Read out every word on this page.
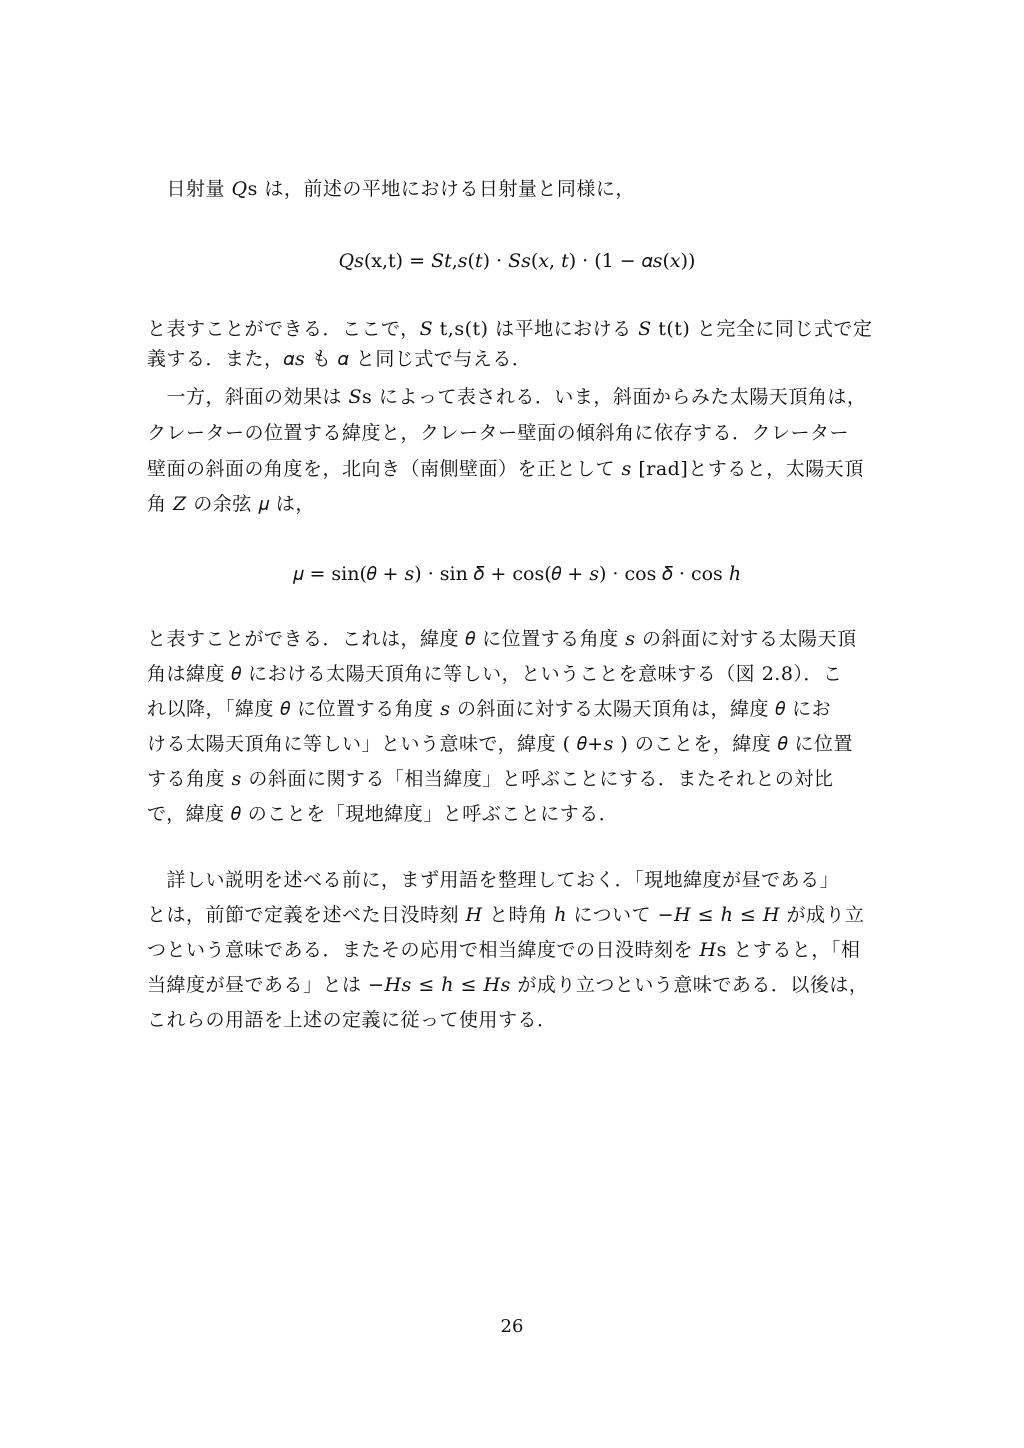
　日射量 𝑄s は，前述の平地における日射量と同様に，
𝑄𝑠(x,t) = 𝑆𝑡,𝑠(𝑡) · 𝑆𝑠(𝑥, 𝑡) · (1 − 𝛼𝑠(𝑥))
と表すことができる．ここで，𝑆 t,s(t) は平地における 𝑆 t(t) と完全に同じ式で定
義する．また，𝛼𝑠 も 𝛼 と同じ式で与える．
　一方，斜面の効果は 𝑆s によって表される．いま，斜面からみた太陽天頂角は，
クレーターの位置する緯度と，クレーター壁面の傾斜角に依存する．クレーター
壁面の斜面の角度を，北向き（南側壁面）を正として 𝑠 [rad]とすると，太陽天頂
角 𝑍 の余弦 𝜇 は，
𝜇 = sin(𝜃 + 𝑠) · sin 𝛿 + cos(𝜃 + 𝑠) · cos 𝛿 · cos ℎ
と表すことができる．これは，緯度 𝜃 に位置する角度 𝑠 の斜面に対する太陽天頂
角は緯度 𝜃 における太陽天頂角に等しい，ということを意味する（図 2.8）．こ
れ以降，「緯度 𝜃 に位置する角度 𝑠 の斜面に対する太陽天頂角は，緯度 𝜃 にお
ける太陽天頂角に等しい」という意味で，緯度 ( 𝜃+𝑠 ) のことを，緯度 𝜃 に位置
する角度 𝑠 の斜面に関する「相当緯度」と呼ぶことにする．またそれとの対比
で，緯度 𝜃 のことを「現地緯度」と呼ぶことにする．
　詳しい説明を述べる前に，まず用語を整理しておく．「現地緯度が昼である」
とは，前節で定義を述べた日没時刻 𝐻 と時角 ℎ について −𝐻 ≤ ℎ ≤ 𝐻 が成り立
つという意味である．またその応用で相当緯度での日没時刻を 𝐻s とすると，「相
当緯度が昼である」とは −𝐻𝑠 ≤ ℎ ≤ 𝐻𝑠 が成り立つという意味である．以後は，
これらの用語を上述の定義に従って使用する．
26
